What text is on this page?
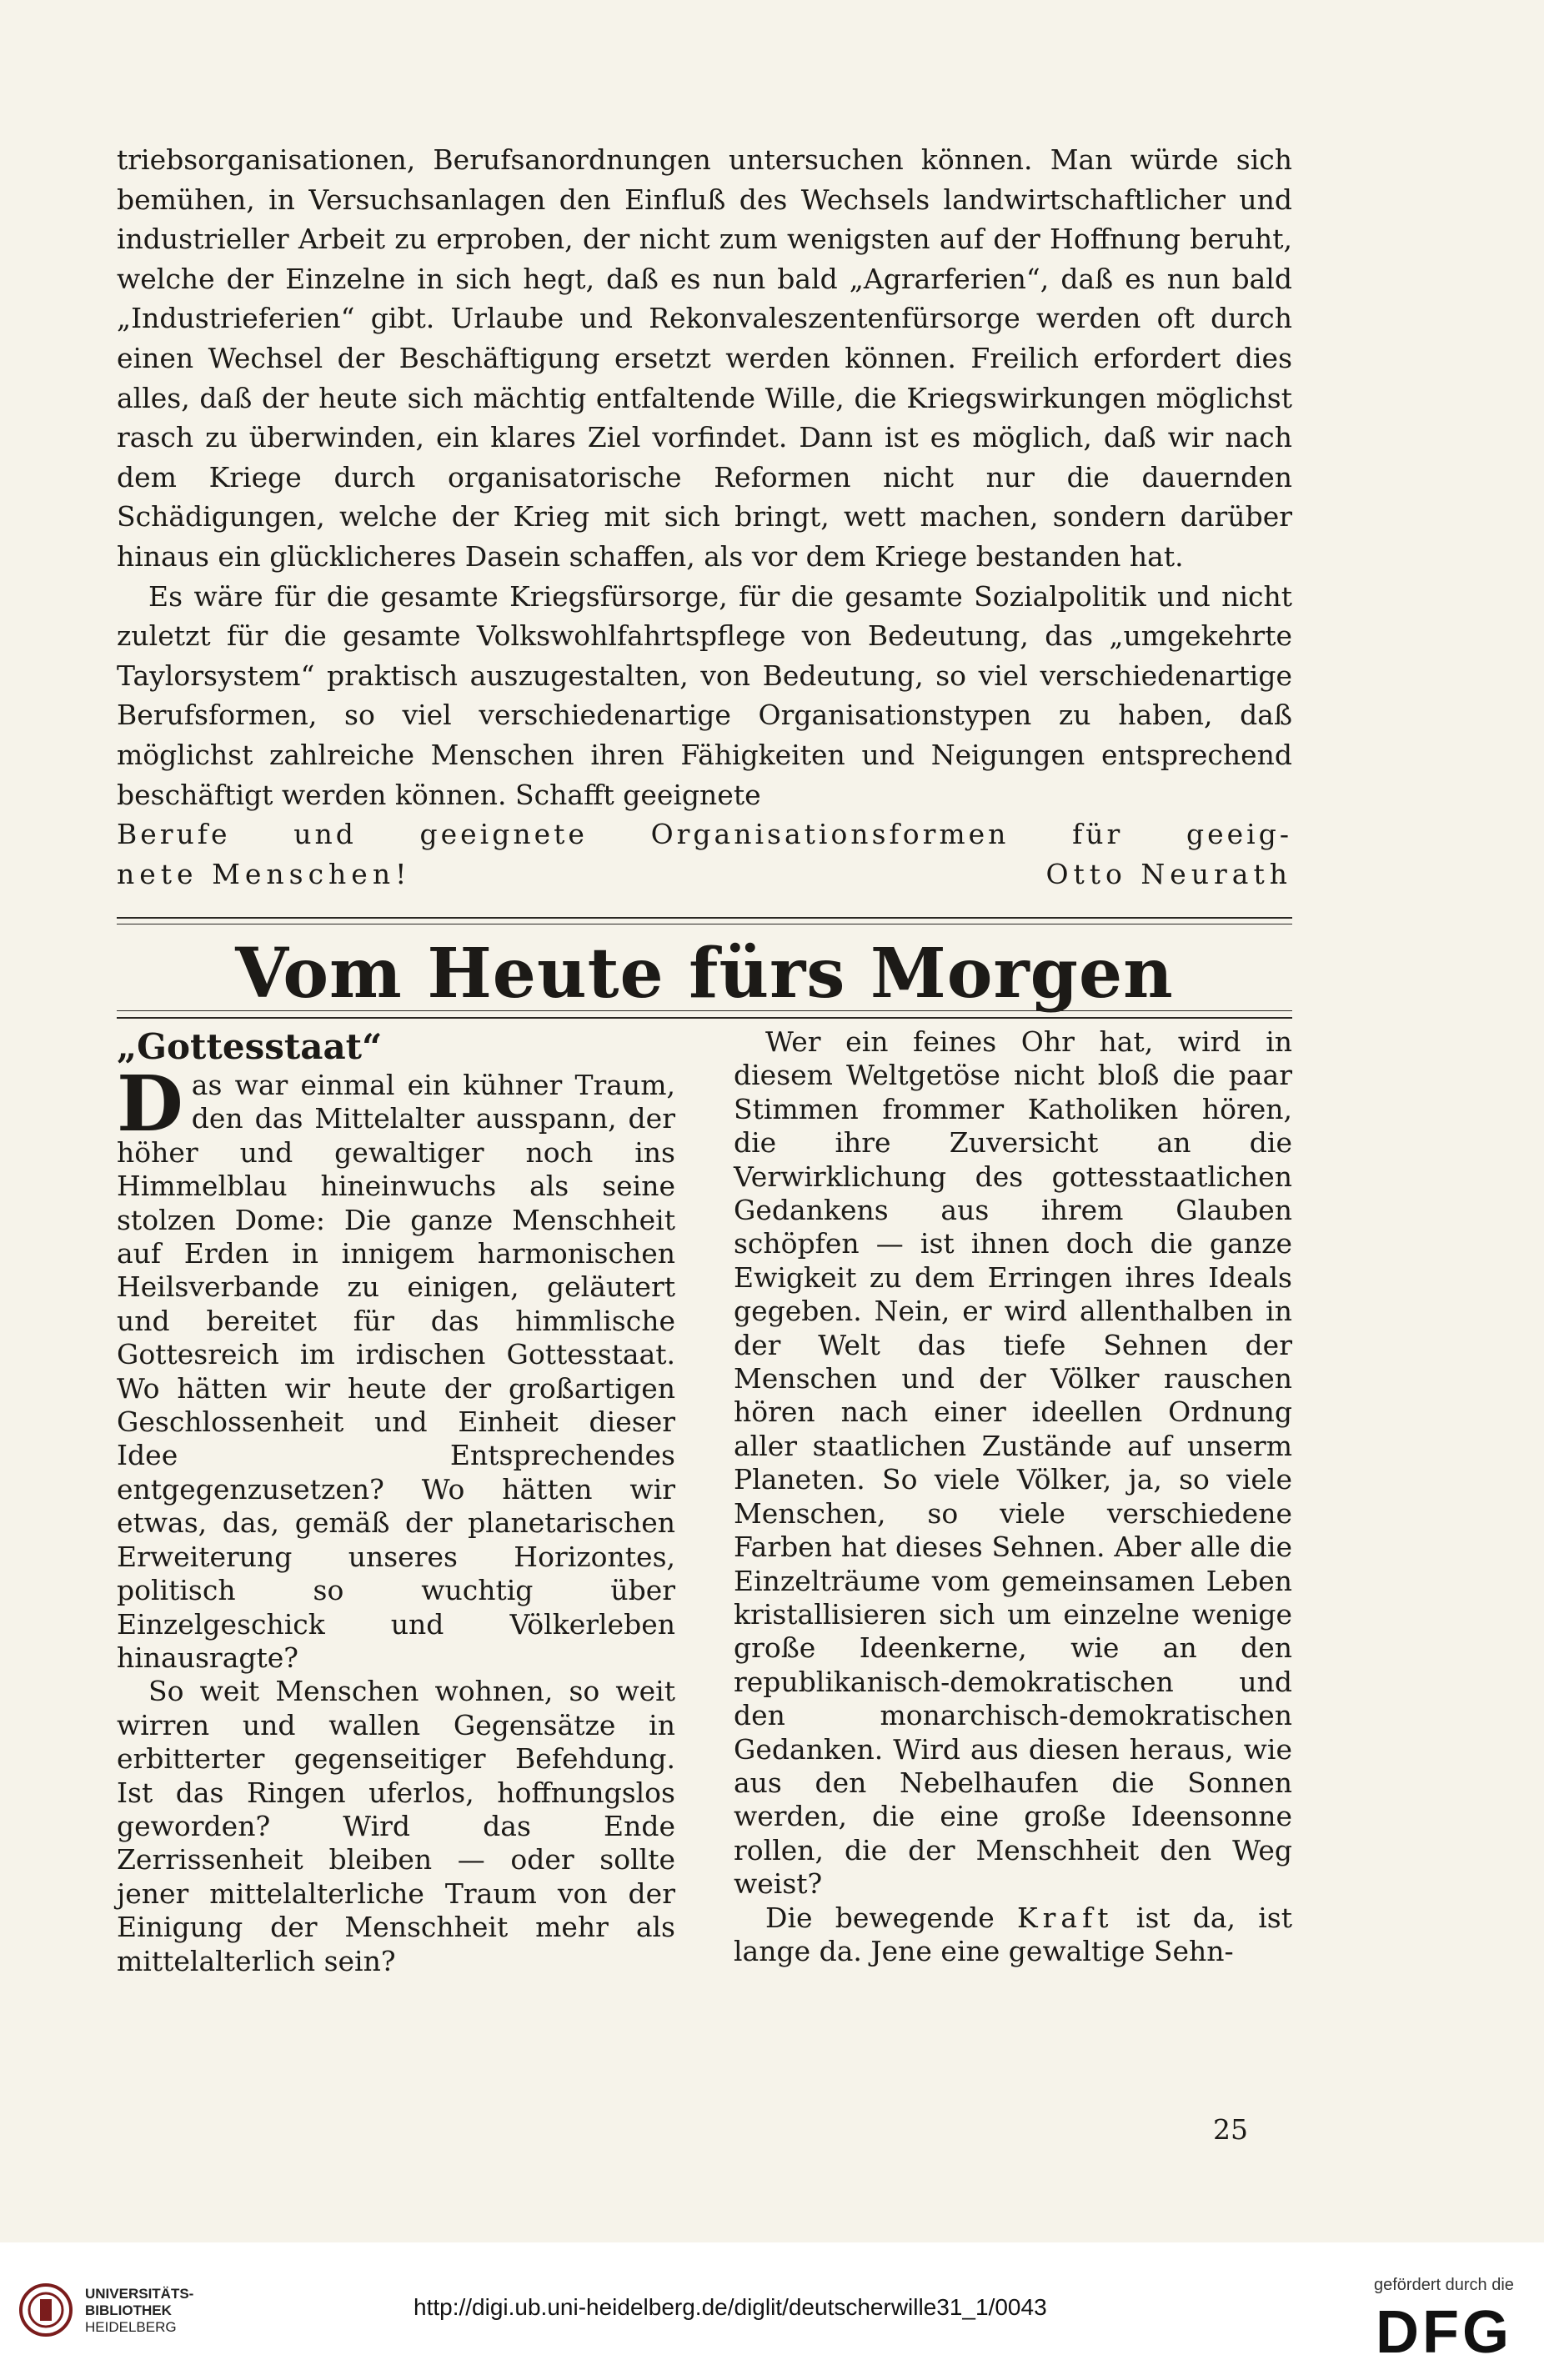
triebsorganisationen, Berufsanordnungen untersuchen können. Man würde sich bemühen, in Versuchsanlagen den Einfluß des Wechsels landwirtschaftlicher und industrieller Arbeit zu erproben, der nicht zum wenigsten auf der Hoffnung beruht, welche der Einzelne in sich hegt, daß es nun bald „Agrarferien“, daß es nun bald „Industrieferien“ gibt. Urlaube und Rekonvaleszentenfürsorge werden oft durch einen Wechsel der Beschäftigung ersetzt werden können. Freilich erfordert dies alles, daß der heute sich mächtig entfaltende Wille, die Kriegswirkungen möglichst rasch zu überwinden, ein klares Ziel vorfindet. Dann ist es möglich, daß wir nach dem Kriege durch organisatorische Reformen nicht nur die dauernden Schädigungen, welche der Krieg mit sich bringt, wett machen, sondern darüber hinaus ein glücklicheres Dasein schaffen, als vor dem Kriege bestanden hat.

Es wäre für die gesamte Kriegsfürsorge, für die gesamte Sozialpolitik und nicht zuletzt für die gesamte Volkswohlfahrtspflege von Bedeutung, das „umgekehrte Taylorsystem“ praktisch auszugestalten, von Bedeutung, so viel verschiedenartige Berufsformen, so viel verschiedenartige Organisationstypen zu haben, daß möglichst zahlreiche Menschen ihren Fähigkeiten und Neigungen entsprechend beschäftigt werden können. Schafft geeignete

Berufe und geeignete Organisationsformen für geeig-

nete Menschen!	Otto Neurath

Vom Heute fürs Morgen

„Gottesstaat“

Das war einmal ein kühner Traum, den das Mittelalter ausspann, der höher und gewaltiger noch ins Himmelblau hineinwuchs als seine stolzen Dome: Die ganze Menschheit auf Erden in innigem harmonischen Heilsverbande zu einigen, geläutert und bereitet für das himmlische Gottesreich im irdischen Gottesstaat. Wo hätten wir heute der großartigen Geschlossenheit und Einheit dieser Idee Entsprechendes entgegenzusetzen? Wo hätten wir etwas, das, gemäß der planetarischen Erweiterung unseres Horizontes, politisch so wuchtig über Einzelgeschick und Völkerleben hinausragte?

So weit Menschen wohnen, so weit wirren und wallen Gegensätze in erbitterter gegenseitiger Befehdung. Ist das Ringen uferlos, hoffnungslos geworden? Wird das Ende Zerrissenheit bleiben — oder sollte jener mittelalterliche Traum von der Einigung der Menschheit mehr als mittelalterlich sein?

Wer ein feines Ohr hat, wird in diesem Weltgetöse nicht bloß die paar Stimmen frommer Katholiken hören, die ihre Zuversicht an die Verwirklichung des gottesstaatlichen Gedankens aus ihrem Glauben schöpfen — ist ihnen doch die ganze Ewigkeit zu dem Erringen ihres Ideals gegeben. Nein, er wird allenthalben in der Welt das tiefe Sehnen der Menschen und der Völker rauschen hören nach einer ideellen Ordnung aller staatlichen Zustände auf unserm Planeten. So viele Völker, ja, so viele Menschen, so viele verschiedene Farben hat dieses Sehnen. Aber alle die Einzelträume vom gemeinsamen Leben kristallisieren sich um einzelne wenige große Ideenkerne, wie an den republikanisch-demokratischen und den monarchisch-demokratischen Gedanken. Wird aus diesen heraus, wie aus den Nebelhaufen die Sonnen werden, die eine große Ideensonne rollen, die der Menschheit den Weg weist?

Die bewegende Kraft ist da, ist lange da. Jene eine gewaltige Sehn-

25
UNIVERSITÄTS-
BIBLIOTHEK
HEIDELBERG
http://digi.ub.uni-heidelberg.de/diglit/deutscherwille31_1/0043
gefördert durch die
DFG
